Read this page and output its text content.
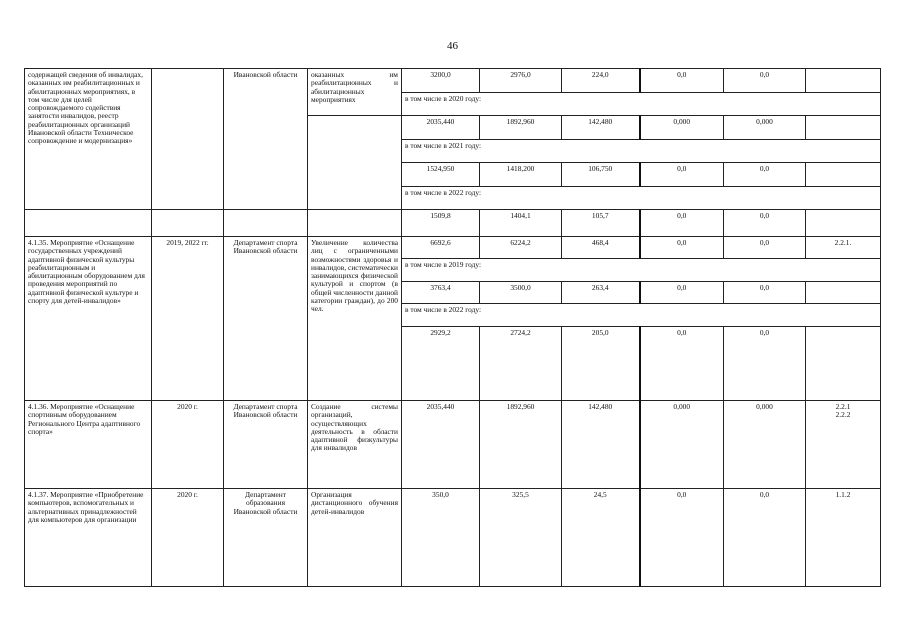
46
содержащей сведения об инвалидах, оказанных им реабилитационных и абилитационных мероприятиях, в том числе для целей сопровождаемого содействия занятости инвалидов, реестр реабилитационных организаций Ивановской области Техническое сопровождение и модернизация»		Ивановской области	оказанных им реабилитационных и абилитационных мероприятиях	3200,0	2976,0	224,0	0,0	0,0	
				в том числе в 2020 году:					
				2035,440	1892,960	142,480	0,000	0,000	
				в том числе в 2021 году:					
				1524,950	1418,200	106,750	0,0	0,0	
				в том числе в 2022 году:					
				1509,8	1404,1	105,7	0,0	0,0	
4.1.35. Мероприятие «Оснащение государственных учреждений адаптивной физической культуры реабилитационным и абилитационным оборудованием для проведения мероприятий по адаптивной физической культуре и спорту для детей-инвалидов»	2019, 2022 гг.	Департамент спорта Ивановской области	Увеличение количества лиц с ограниченными возможностями здоровья и инвалидов, систематически занимающихся физической культурой и спортом (в общей численности данной категории граждан), до 200 чел.	6692,6	6224,2	468,4	0,0	0,0	2.2.1.
				в том числе в 2019 году:					
				3763,4	3500,0	263,4	0,0	0,0	
				в том числе в 2022 году:					
				2929,2	2724,2	205,0	0,0	0,0	
4.1.36. Мероприятие «Оснащение спортивным оборудованием Регионального Центра адаптивного спорта»	2020 г.	Департамент спорта Ивановской области	Создание системы организаций, осуществляющих деятельность в области адаптивной физкультуры для инвалидов	2035,440	1892,960	142,480	0,000	0,000	2.2.1 2.2.2
4.1.37. Мероприятие «Приобретение компьютеров, вспомогательных и альтернативных принадлежностей для компьютеров для организации	2020 г.	Департамент образования Ивановской области	Организация дистанционного обучения детей-инвалидов	350,0	325,5	24,5	0,0	0,0	1.1.2
